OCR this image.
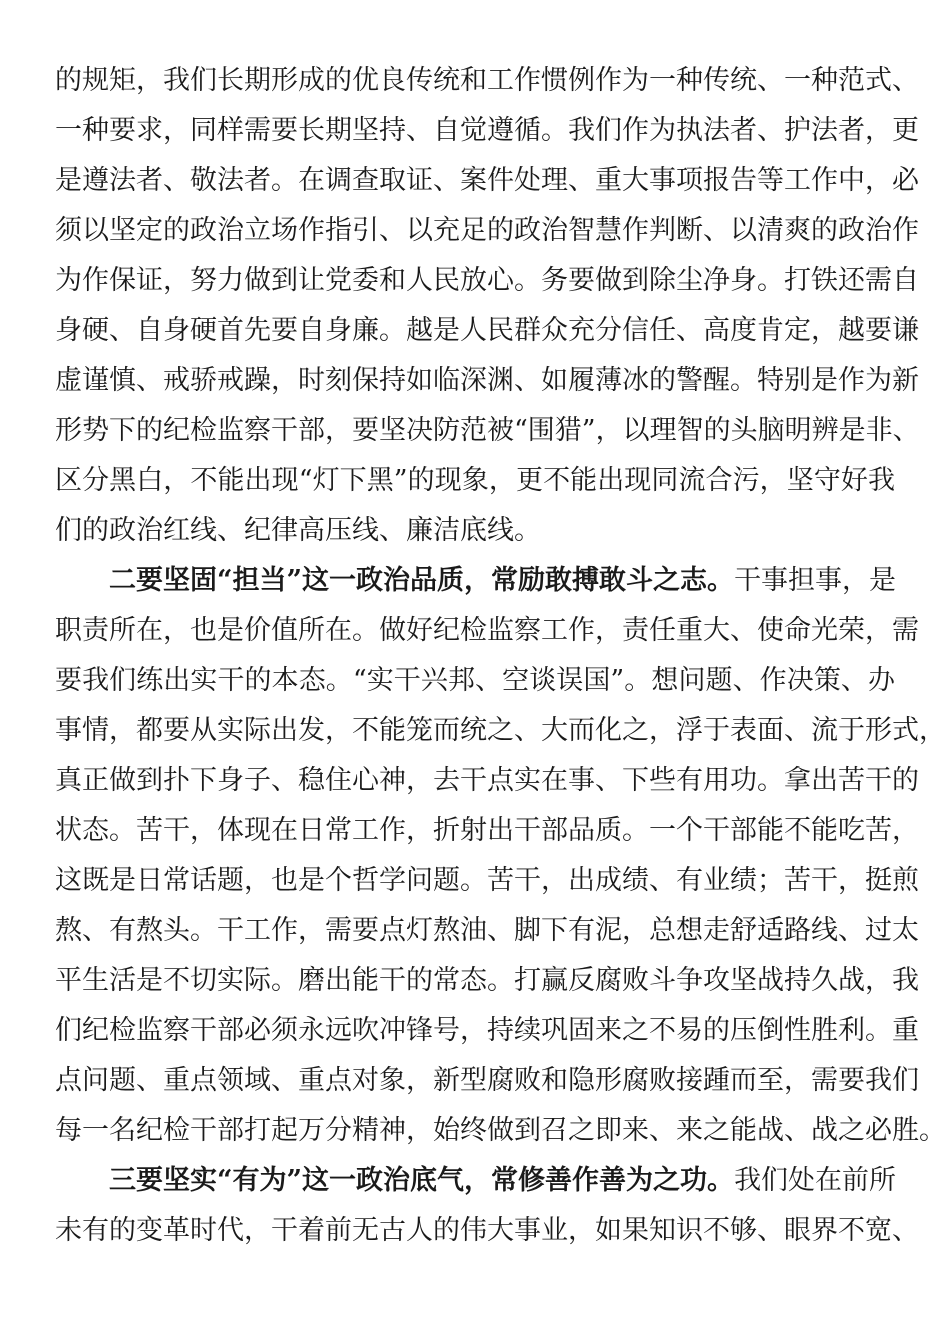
的规矩，我们长期形成的优良传统和工作惯例作为一种传统、一种范式、
一种要求，同样需要长期坚持、自觉遵循。我们作为执法者、护法者，更
是遵法者、敬法者。在调查取证、案件处理、重大事项报告等工作中，必
须以坚定的政治立场作指引、以充足的政治智慧作判断、以清爽的政治作
为作保证，努力做到让党委和人民放心。务要做到除尘净身。打铁还需自
身硬、自身硬首先要自身廉。越是人民群众充分信任、高度肯定，越要谦
虚谨慎、戒骄戒躁，时刻保持如临深渊、如履薄冰的警醒。特别是作为新
形势下的纪检监察干部，要坚决防范被“围猎”，以理智的头脑明辨是非、
区分黑白，不能出现“灯下黑”的现象，更不能出现同流合污，坚守好我
们的政治红线、纪律高压线、廉洁底线。
二要坚固“担当”这一政治品质，常励敢搏敢斗之志。干事担事，是
职责所在，也是价值所在。做好纪检监察工作，责任重大、使命光荣，需
要我们练出实干的本态。“实干兴邦、空谈误国”。想问题、作决策、办
事情，都要从实际出发，不能笼而统之、大而化之，浮于表面、流于形式，
真正做到扑下身子、稳住心神，去干点实在事、下些有用功。拿出苦干的
状态。苦干，体现在日常工作，折射出干部品质。一个干部能不能吃苦，
这既是日常话题，也是个哲学问题。苦干，出成绩、有业绩；苦干，挺煎
熬、有熬头。干工作，需要点灯熬油、脚下有泥，总想走舒适路线、过太
平生活是不切实际。磨出能干的常态。打赢反腐败斗争攻坚战持久战，我
们纪检监察干部必须永远吹冲锋号，持续巩固来之不易的压倒性胜利。重
点问题、重点领域、重点对象，新型腐败和隐形腐败接踵而至，需要我们
每一名纪检干部打起万分精神，始终做到召之即来、来之能战、战之必胜。
三要坚实“有为”这一政治底气，常修善作善为之功。我们处在前所
未有的变革时代，干着前无古人的伟大事业，如果知识不够、眼界不宽、
